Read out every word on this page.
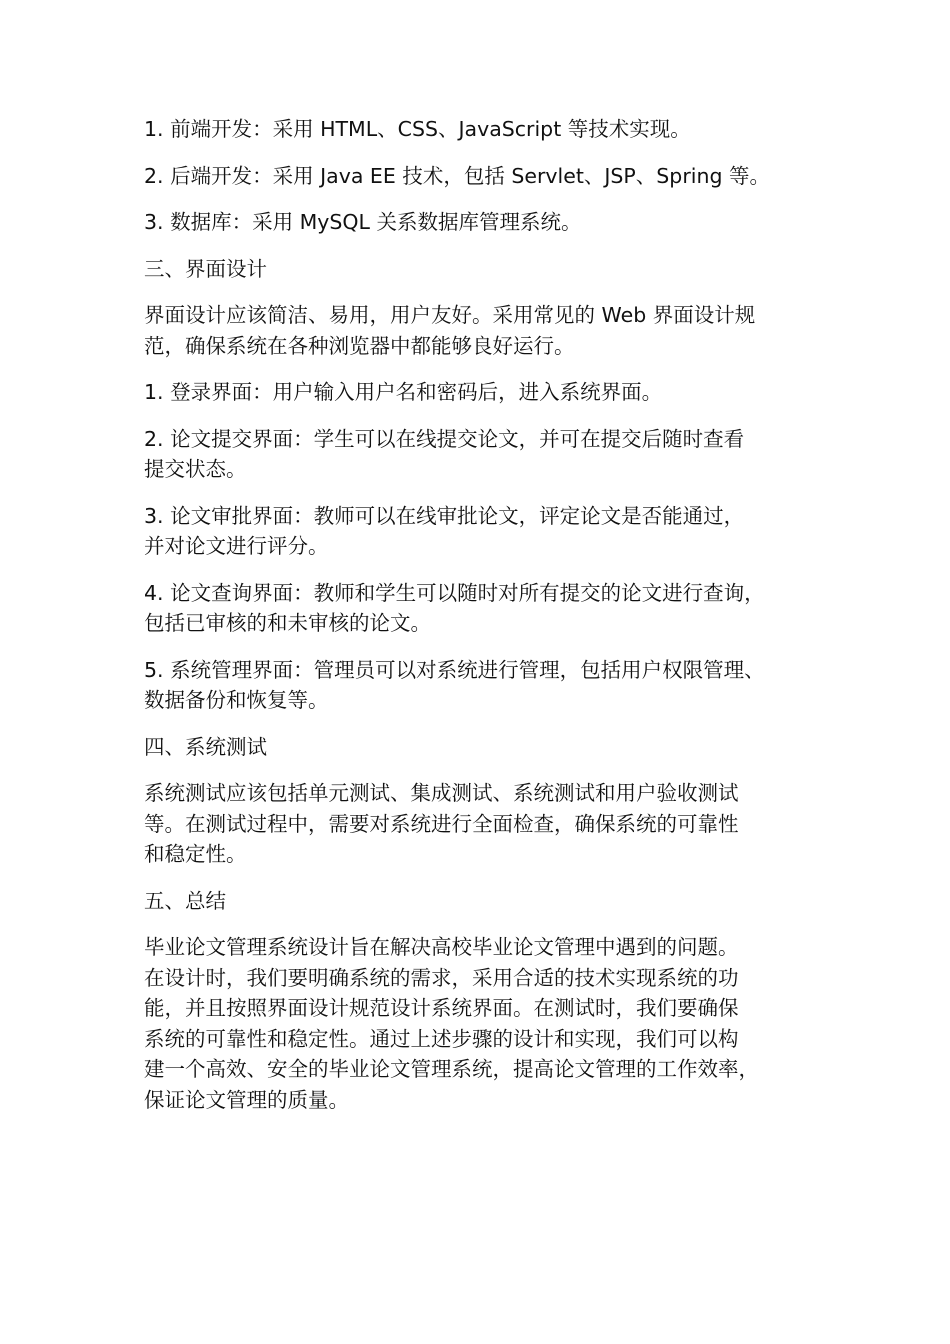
1. 前端开发：采用 HTML、CSS、JavaScript 等技术实现。

2. 后端开发：采用 Java EE 技术，包括 Servlet、JSP、Spring 等。

3. 数据库：采用 MySQL 关系数据库管理系统。

三、界面设计

界面设计应该简洁、易用，用户友好。采用常见的 Web 界面设计规
范，确保系统在各种浏览器中都能够良好运行。

1. 登录界面：用户输入用户名和密码后，进入系统界面。

2. 论文提交界面：学生可以在线提交论文，并可在提交后随时查看
提交状态。

3. 论文审批界面：教师可以在线审批论文，评定论文是否能通过，
并对论文进行评分。

4. 论文查询界面：教师和学生可以随时对所有提交的论文进行查询，
包括已审核的和未审核的论文。

5. 系统管理界面：管理员可以对系统进行管理，包括用户权限管理、
数据备份和恢复等。

四、系统测试

系统测试应该包括单元测试、集成测试、系统测试和用户验收测试
等。在测试过程中，需要对系统进行全面检查，确保系统的可靠性
和稳定性。

五、总结

毕业论文管理系统设计旨在解决高校毕业论文管理中遇到的问题。
在设计时，我们要明确系统的需求，采用合适的技术实现系统的功
能，并且按照界面设计规范设计系统界面。在测试时，我们要确保
系统的可靠性和稳定性。通过上述步骤的设计和实现，我们可以构
建一个高效、安全的毕业论文管理系统，提高论文管理的工作效率，
保证论文管理的质量。
